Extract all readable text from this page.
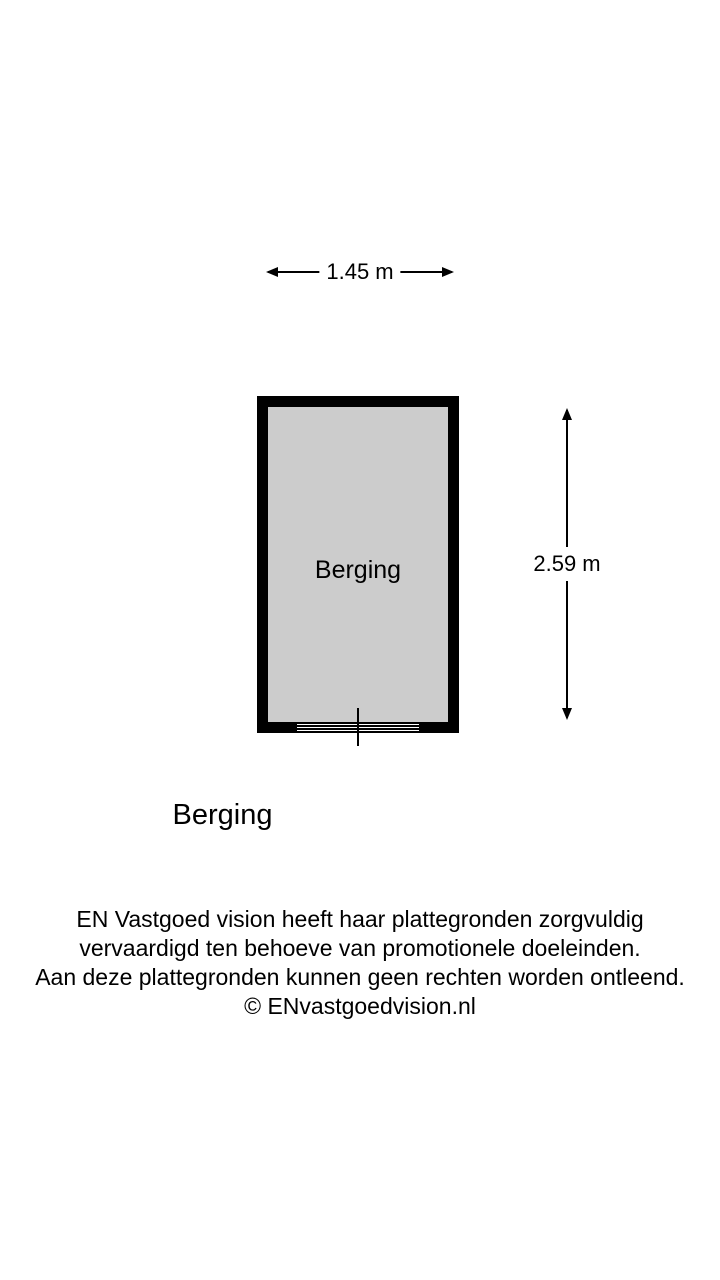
1.45 m
Berging	2.59 m
Berging
EN Vastgoed vision heeft haar plattegronden zorgvuldig
vervaardigd ten behoeve van promotionele doeleinden.
Aan deze plattegronden kunnen geen rechten worden ontleend.
© ENvastgoedvision.nl
